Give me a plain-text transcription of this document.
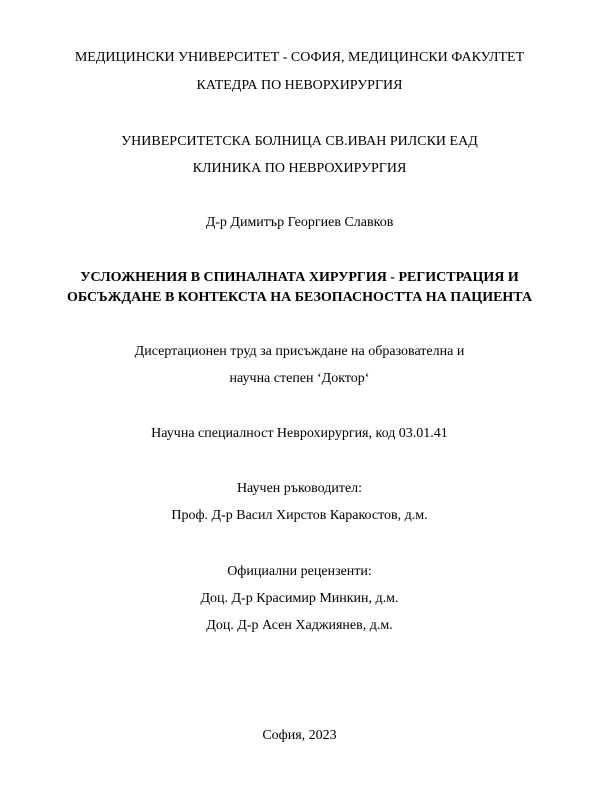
МЕДИЦИНСКИ УНИВЕРСИТЕТ - СОФИЯ, МЕДИЦИНСКИ ФАКУЛТЕТ
КАТЕДРА ПО НЕВОРХИРУРГИЯ
УНИВЕРСИТЕТСКА БОЛНИЦА СВ.ИВАН РИЛСКИ ЕАД
КЛИНИКА ПО НЕВРОХИРУРГИЯ
Д-р Димитър Георгиев Славков
УСЛОЖНЕНИЯ В СПИНАЛНАТА ХИРУРГИЯ - РЕГИСТРАЦИЯ И
ОБСЪЖДАНЕ В КОНТЕКСТА НА БЕЗОПАСНОСТТА НА ПАЦИЕНТА
Дисертационен труд за присъждане на образователна и
научна степен ‘Доктор‘
Научна специалност Неврохирургия, код 03.01.41
Научен ръководител:
Проф. Д-р Васил Хирстов Каракостов, д.м.
Официални рецензенти:
Доц. Д-р Красимир Минкин, д.м.
Доц. Д-р Асен Хаджиянев, д.м.
София, 2023
